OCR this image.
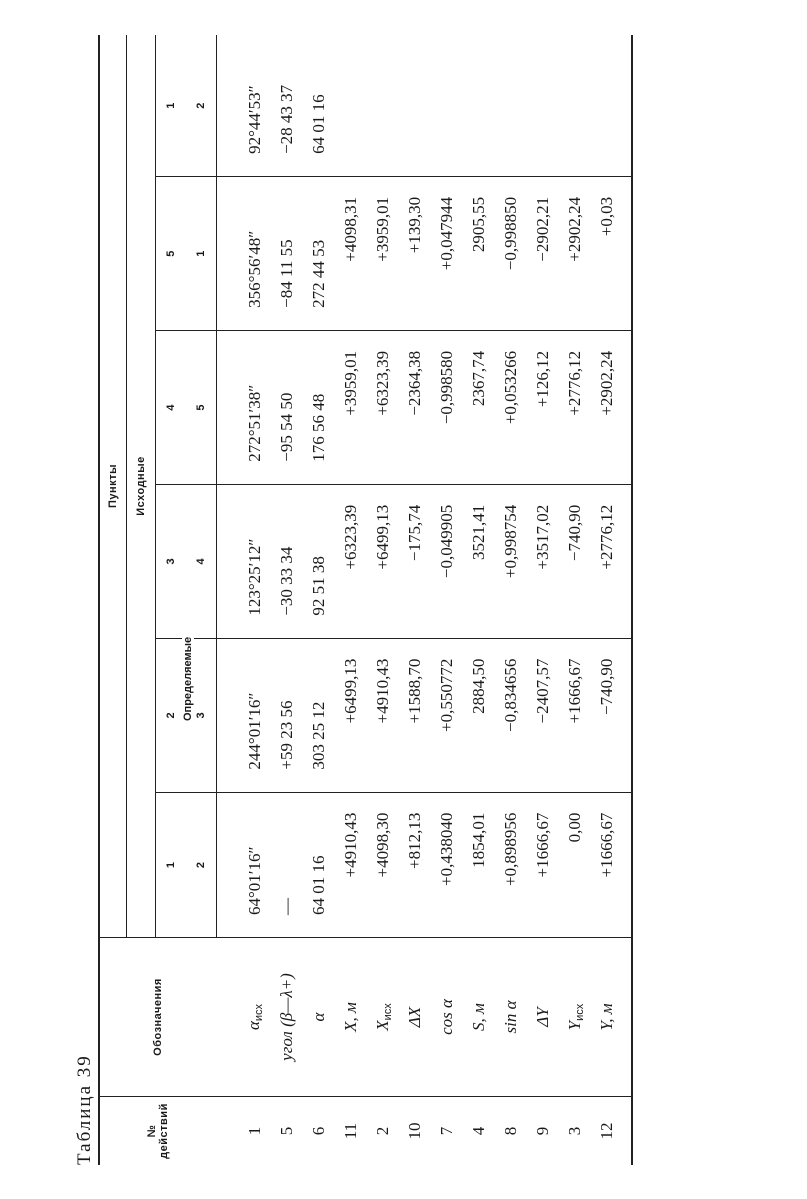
Таблица 39	№ действий	Обозначения	Пункты					
		Исходные					
		1	2	3	4	5	1
		2	3	4	5	1	2
1	$\alpha_{исх}$	64°01′16″	244°01′16″	123°25′12″	272°51′38″	356°56′48″	92°44′53″
5	угол (β—λ+)	—	+59 23 56	−30 33 34	−95 54 50	−84 11 55	−28 43 37
6	α	64 01 16	303 25 12	92 51 38	176 56 48	272 44 53	64 01 16
11	X, м	+4910,43	+6499,13	+6323,39	+3959,01	+4098,31	
2	$X_{исх}$	+4098,30	+4910,43	+6499,13	+6323,39	+3959,01	
10	ΔX	+812,13	+1588,70	−175,74	−2364,38	+139,30	
7	cos α	+0,438040	+0,550772	−0,049905	−0,998580	+0,047944	
4	S, м	1854,01	2884,50	3521,41	2367,74	2905,55	
8	sin α	+0,898956	−0,834656	+0,998754	+0,053266	−0,998850	
9	ΔY	+1666,67	−2407,57	+3517,02	+126,12	−2902,21	
3	$Y_{исх}$	0,00	+1666,67	−740,90	+2776,12	+2902,24	
12	Y, м	+1666,67	−740,90	+2776,12	+2902,24	+0,03	
Определяемые
